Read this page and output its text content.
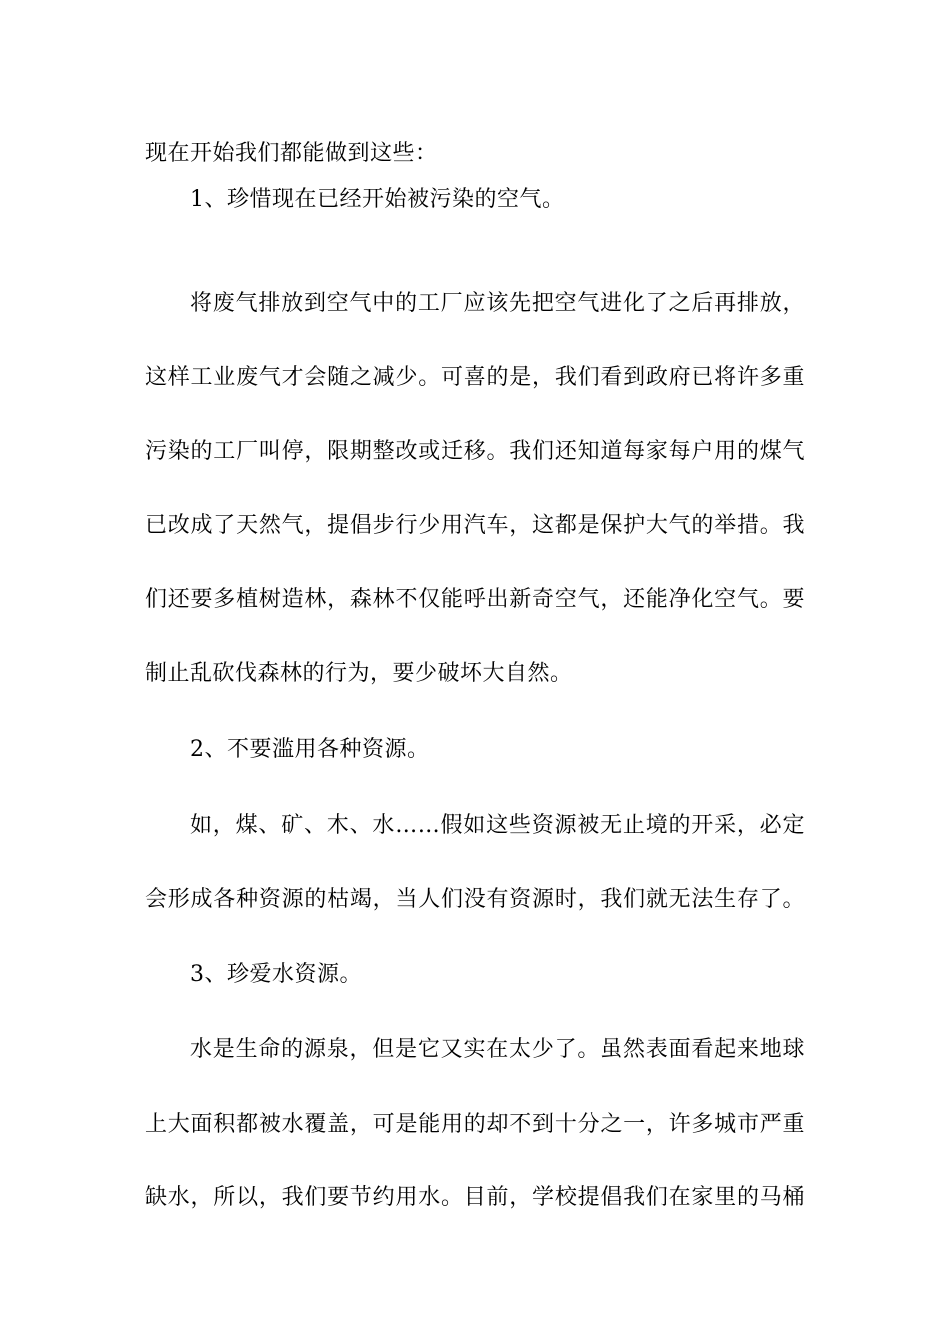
现在开始我们都能做到这些：
1、珍惜现在已经开始被污染的空气。
将废气排放到空气中的工厂应该先把空气进化了之后再排放，
这样工业废气才会随之减少。可喜的是，我们看到政府已将许多重
污染的工厂叫停，限期整改或迁移。我们还知道每家每户用的煤气
已改成了天然气，提倡步行少用汽车，这都是保护大气的举措。我
们还要多植树造林，森林不仅能呼出新奇空气，还能净化空气。要
制止乱砍伐森林的行为，要少破坏大自然。
2、不要滥用各种资源。
如，煤、矿、木、水……假如这些资源被无止境的开采，必定
会形成各种资源的枯竭，当人们没有资源时，我们就无法生存了。
3、珍爱水资源。
水是生命的源泉，但是它又实在太少了。虽然表面看起来地球
上大面积都被水覆盖，可是能用的却不到十分之一，许多城市严重
缺水，所以，我们要节约用水。目前，学校提倡我们在家里的马桶
